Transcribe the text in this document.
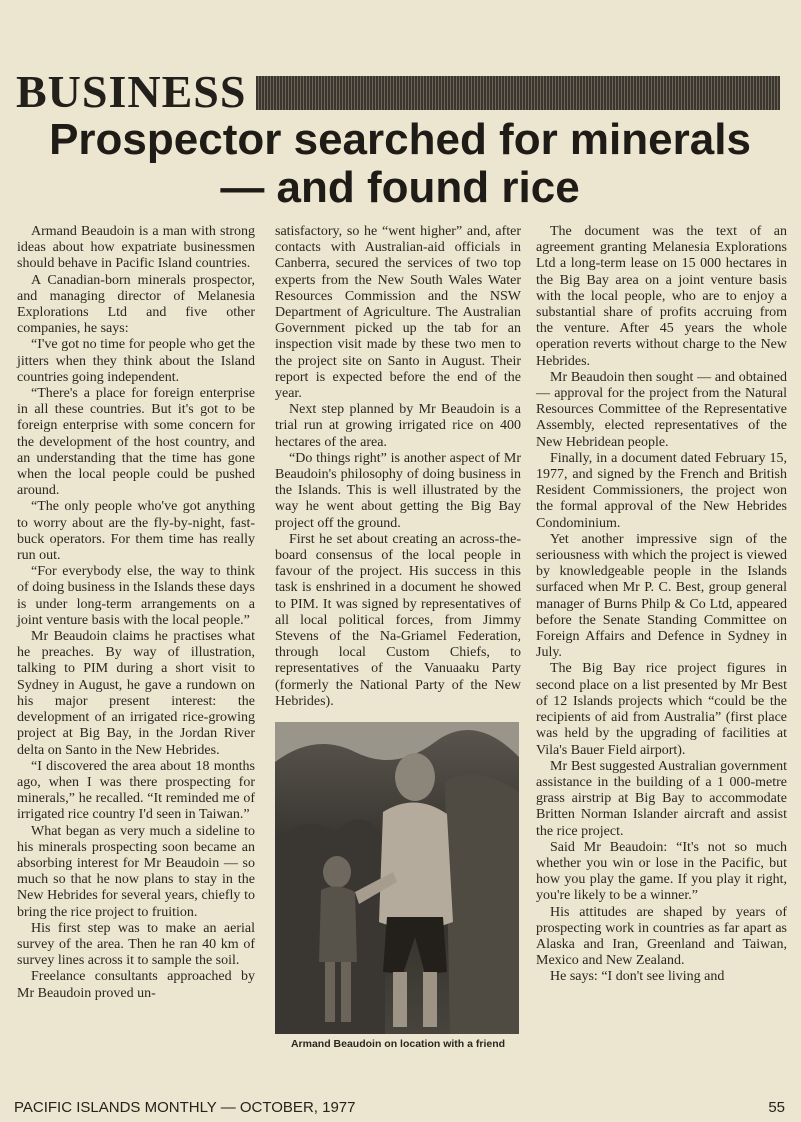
BUSINESS
Prospector searched for minerals — and found rice

Armand Beaudoin is a man with strong ideas about how expatriate businessmen should behave in Pacific Island countries.

A Canadian-born minerals prospector, and managing director of Melanesia Explorations Ltd and five other companies, he says:

“I've got no time for people who get the jitters when they think about the Island countries going independent.

“There's a place for foreign enterprise in all these countries. But it's got to be foreign enterprise with some concern for the development of the host country, and an understanding that the time has gone when the local people could be pushed around.

“The only people who've got anything to worry about are the fly-by-night, fast-buck operators. For them time has really run out.

“For everybody else, the way to think of doing business in the Islands these days is under long-term arrangements on a joint venture basis with the local people.”

Mr Beaudoin claims he practises what he preaches. By way of illustration, talking to PIM during a short visit to Sydney in August, he gave a rundown on his major present interest: the development of an irrigated rice-growing project at Big Bay, in the Jordan River delta on Santo in the New Hebrides.

“I discovered the area about 18 months ago, when I was there prospecting for minerals,” he recalled. “It reminded me of irrigated rice country I'd seen in Taiwan.”

What began as very much a sideline to his minerals prospecting soon became an absorbing interest for Mr Beaudoin — so much so that he now plans to stay in the New Hebrides for several years, chiefly to bring the rice project to fruition.

His first step was to make an aerial survey of the area. Then he ran 40 km of survey lines across it to sample the soil.

Freelance consultants approached by Mr Beaudoin proved un-

satisfactory, so he “went higher” and, after contacts with Australian-aid officials in Canberra, secured the services of two top experts from the New South Wales Water Resources Commission and the NSW Department of Agriculture. The Australian Government picked up the tab for an inspection visit made by these two men to the project site on Santo in August. Their report is expected before the end of the year.

Next step planned by Mr Beaudoin is a trial run at growing irrigated rice on 400 hectares of the area.

“Do things right” is another aspect of Mr Beaudoin's philosophy of doing business in the Islands. This is well illustrated by the way he went about getting the Big Bay project off the ground.

First he set about creating an across-the-board consensus of the local people in favour of the project. His success in this task is enshrined in a document he showed to PIM. It was signed by representatives of all local political forces, from Jimmy Stevens of the Na-Griamel Federation, through local Custom Chiefs, to representatives of the Vanuaaku Party (formerly the National Party of the New Hebrides).

Armand Beaudoin on location with a friend

The document was the text of an agreement granting Melanesia Explorations Ltd a long-term lease on 15 000 hectares in the Big Bay area on a joint venture basis with the local people, who are to enjoy a substantial share of profits accruing from the venture. After 45 years the whole operation reverts without charge to the New Hebrides.

Mr Beaudoin then sought — and obtained — approval for the project from the Natural Resources Committee of the Representative Assembly, elected representatives of the New Hebridean people.

Finally, in a document dated February 15, 1977, and signed by the French and British Resident Commissioners, the project won the formal approval of the New Hebrides Condominium.

Yet another impressive sign of the seriousness with which the project is viewed by knowledgeable people in the Islands surfaced when Mr P. C. Best, group general manager of Burns Philp & Co Ltd, appeared before the Senate Standing Committee on Foreign Affairs and Defence in Sydney in July.

The Big Bay rice project figures in second place on a list presented by Mr Best of 12 Islands projects which “could be the recipients of aid from Australia” (first place was held by the upgrading of facilities at Vila's Bauer Field airport).

Mr Best suggested Australian government assistance in the building of a 1 000-metre grass airstrip at Big Bay to accommodate Britten Norman Islander aircraft and assist the rice project.

Said Mr Beaudoin: “It's not so much whether you win or lose in the Pacific, but how you play the game. If you play it right, you're likely to be a winner.”

His attitudes are shaped by years of prospecting work in countries as far apart as Alaska and Iran, Greenland and Taiwan, Mexico and New Zealand.

He says: “I don't see living and

PACIFIC ISLANDS MONTHLY — OCTOBER, 1977	55
